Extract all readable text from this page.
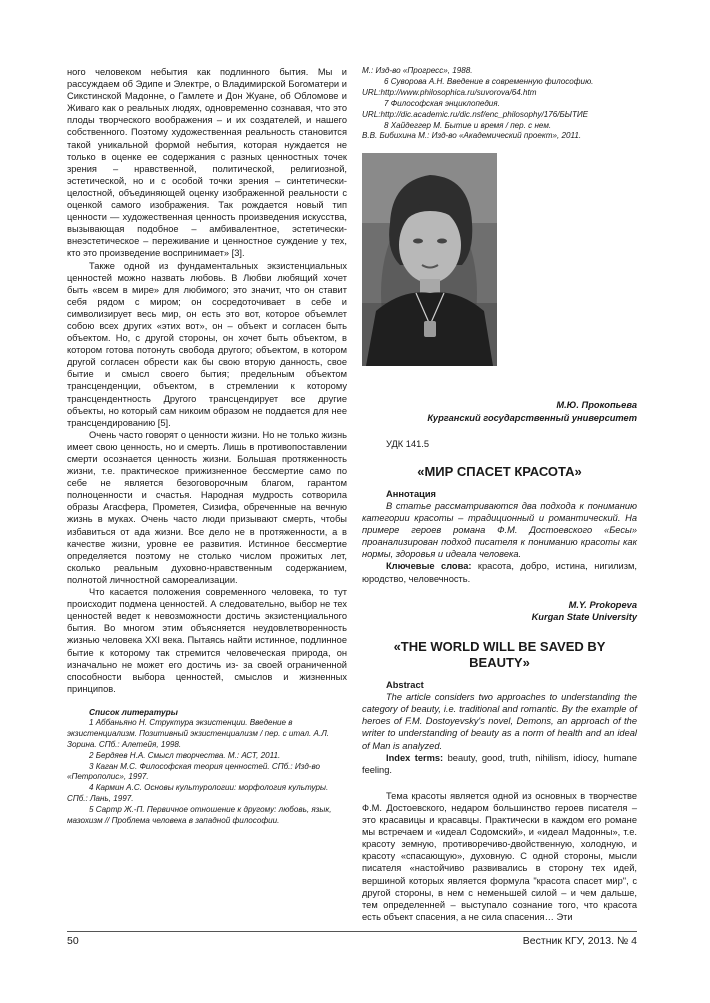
ного человеком небытия как подлинного бытия. Мы и рассуждаем об Эдипе и Электре, о Владимирской Богоматери и Сикстинской Мадонне, о Гамлете и Дон Жуане, об Обломове и Живаго как о реальных людях, одновременно сознавая, что это плоды творческого воображения – и их создателей, и нашего собственного. Поэтому художественная реальность становится такой уникальной формой небытия, которая нуждается не только в оценке ее содержания с разных ценностных точек зрения – нравственной, политической, религиозной, эстетической, но и с особой точки зрения – синтетически-целостной, объединяющей оценку изображенной реальности с оценкой самого изображения. Так рождается новый тип ценности — художественная ценность произведения искусства, вызывающая подобное – амбивалентное, эстетически-внеэстетическое – переживание и ценностное суждение у тех, кто это произведение воспринимает» [3].

Также одной из фундаментальных экзистенциальных ценностей можно назвать любовь. В Любви любящий хочет быть «всем в мире» для любимого; это значит, что он ставит себя рядом с миром; он сосредоточивает в себе и символизирует весь мир, он есть это вот, которое объемлет собою всех других «этих вот», он – объект и согласен быть объектом. Но, с другой стороны, он хочет быть объектом, в котором готова потонуть свобода другого; объектом, в котором другой согласен обрести как бы свою вторую данность, свое бытие и смысл своего бытия; предельным объектом трансценденции, объектом, в стремлении к которому трансцендентность Другого трансцендирует все другие объекты, но который сам никоим образом не поддается для нее трансцендированию [5].

Очень часто говорят о ценности жизни. Но не только жизнь имеет свою ценность, но и смерть. Лишь в противопоставлении смерти осознается ценность жизни. Большая протяженность жизни, т.е. практическое прижизненное бессмертие само по себе не является безоговорочным благом, гарантом полноценности и счастья. Народная мудрость сотворила образы Агасфера, Прометея, Сизифа, обреченные на вечную жизнь в муках. Очень часто люди призывают смерть, чтобы избавиться от ада жизни. Все дело не в протяженности, а в качестве жизни, уровне ее развития. Истинное бессмертие определяется поэтому не столько числом прожитых лет, сколько реальным духовно-нравственным содержанием, полнотой личностной самореализации.

Что касается положения современного человека, то тут происходит подмена ценностей. А следовательно, выбор не тех ценностей ведет к невозможности достичь экзистенциального бытия. Во многом этим объясняется неудовлетворенность жизнью человека XXI века. Пытаясь найти истинное, подлинное бытие к которому так стремится человеческая природа, он изначально не может его достичь из- за своей ограниченной способности выбора ценностей, смыслов и жизненных принципов.

Список литературы

1 Аббаньяно Н. Структура экзистенции. Введение в экзистенциализм. Позитивный экзистенциализм / пер. с итал. А.Л. Зорина. СПб.: Алетейя, 1998.

2 Бердяев Н.А. Смысл творчества. М.: АСТ, 2011.

3 Каган М.С. Философская теория ценностей. СПб.: Изд-во «Петрополис», 1997.

4 Кармин А.С. Основы культурологии: морфология культуры. СПб.: Лань, 1997.

5 Сартр Ж.-П. Первичное отношение к другому: любовь, язык, мазохизм // Проблема человека в западной философии.

М.: Изд-во «Прогресс», 1988.

6 Суворова А.Н. Введение в современную философию. URL:http://www.philosophica.ru/suvorova/64.htm

7 Философская энциклопедия. URL:http://dic.academic.ru/dic.nsf/enc_philosophy/176/БЫТИЕ

8 Хайдеггер М. Бытие и время / пер. с нем.

В.В. Бибихина М.: Изд-во «Академический проект», 2011.

М.Ю. Прокопьева

Курганский государственный университет

УДК 141.5
«МИР СПАСЕТ КРАСОТА»
Аннотация

В статье рассматриваются два подхода к пониманию категории красоты – традиционный и романтический. На примере героев романа Ф.М. Достоевского «Бесы» проанализирован подход писателя к пониманию красоты как нормы, здоровья и идеала человека.

Ключевые слова: красота, добро, истина, нигилизм, юродство, человечность.

M.Y. Prokopeva

Kurgan State University

«THE WORLD WILL BE SAVED BY BEAUTY»
Abstract

The article considers two approaches to understanding the category of beauty, i.e. traditional and romantic. By the example of heroes of F.M. Dostoyevsky's novel, Demons, an approach of the writer to understanding of beauty as a norm of health and an ideal of Man is analyzed.

Index terms: beauty, good, truth, nihilism, idiocy, humane feeling.

Тема красоты является одной из основных в творчестве Ф.М. Достоевского, недаром большинство героев писателя – это красавицы и красавцы. Практически в каждом его романе мы встречаем и «идеал Содомский», и «идеал Мадонны», т.е. красоту земную, противоречиво-двойственную, холодную, и красоту «спасающую», духовную. С одной стороны, мысли писателя «настойчиво развивались в сторону тех идей, вершиной которых является формула "красота спасет мир", с другой стороны, в нем с неменьшей силой – и чем дальше, тем определенней – выступало сознание того, что красота есть объект спасения, а не сила спасения… Эти

50	Вестник КГУ, 2013. № 4
